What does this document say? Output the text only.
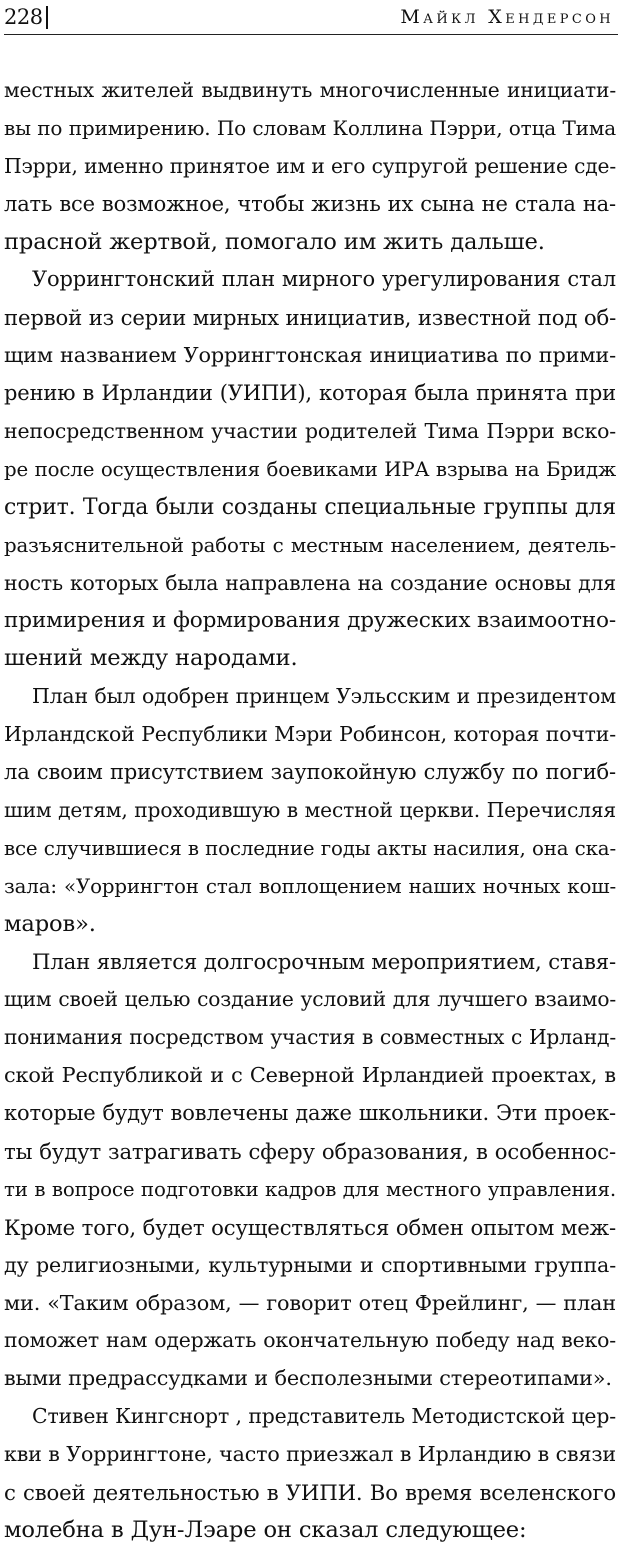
228	Майкл Хендерсон
местных жителей выдвинуть многочисленные инициати-
вы по примирению. По словам Коллина Пэрри, отца Тима
Пэрри, именно принятое им и его супругой решение сде-
лать все возможное, чтобы жизнь их сына не стала на-
прасной жертвой, помогало им жить дальше.
Уоррингтонский план мирного урегулирования стал
первой из серии мирных инициатив, известной под об-
щим названием Уоррингтонская инициатива по прими-
рению в Ирландии (УИПИ), которая была принята при
непосредственном участии родителей Тима Пэрри вско-
ре после осуществления боевиками ИРА взрыва на Бридж
стрит. Тогда были созданы специальные группы для
разъяснительной работы с местным населением, деятель-
ность которых была направлена на создание основы для
примирения и формирования дружеских взаимоотно-
шений между народами.
План был одобрен принцем Уэльсским и президентом
Ирландской Республики Мэри Робинсон, которая почти-
ла своим присутствием заупокойную службу по погиб-
шим детям, проходившую в местной церкви. Перечисляя
все случившиеся в последние годы акты насилия, она ска-
зала: «Уоррингтон стал воплощением наших ночных кош-
маров».
План является долгосрочным мероприятием, ставя-
щим своей целью создание условий для лучшего взаимо-
понимания посредством участия в совместных с Ирланд-
ской Республикой и с Северной Ирландией проектах, в
которые будут вовлечены даже школьники. Эти проек-
ты будут затрагивать сферу образования, в особеннос-
ти в вопросе подготовки кадров для местного управления.
Кроме того, будет осуществляться обмен опытом меж-
ду религиозными, культурными и спортивными группа-
ми. «Таким образом, — говорит отец Фрейлинг, — план
поможет нам одержать окончательную победу над веко-
выми предрассудками и бесполезными стереотипами».
Стивен Кингснорт , представитель Методистской цер-
кви в Уоррингтоне, часто приезжал в Ирландию в связи
с своей деятельностью в УИПИ. Во время вселенского
молебна в Дун-Лэаре он сказал следующее:
